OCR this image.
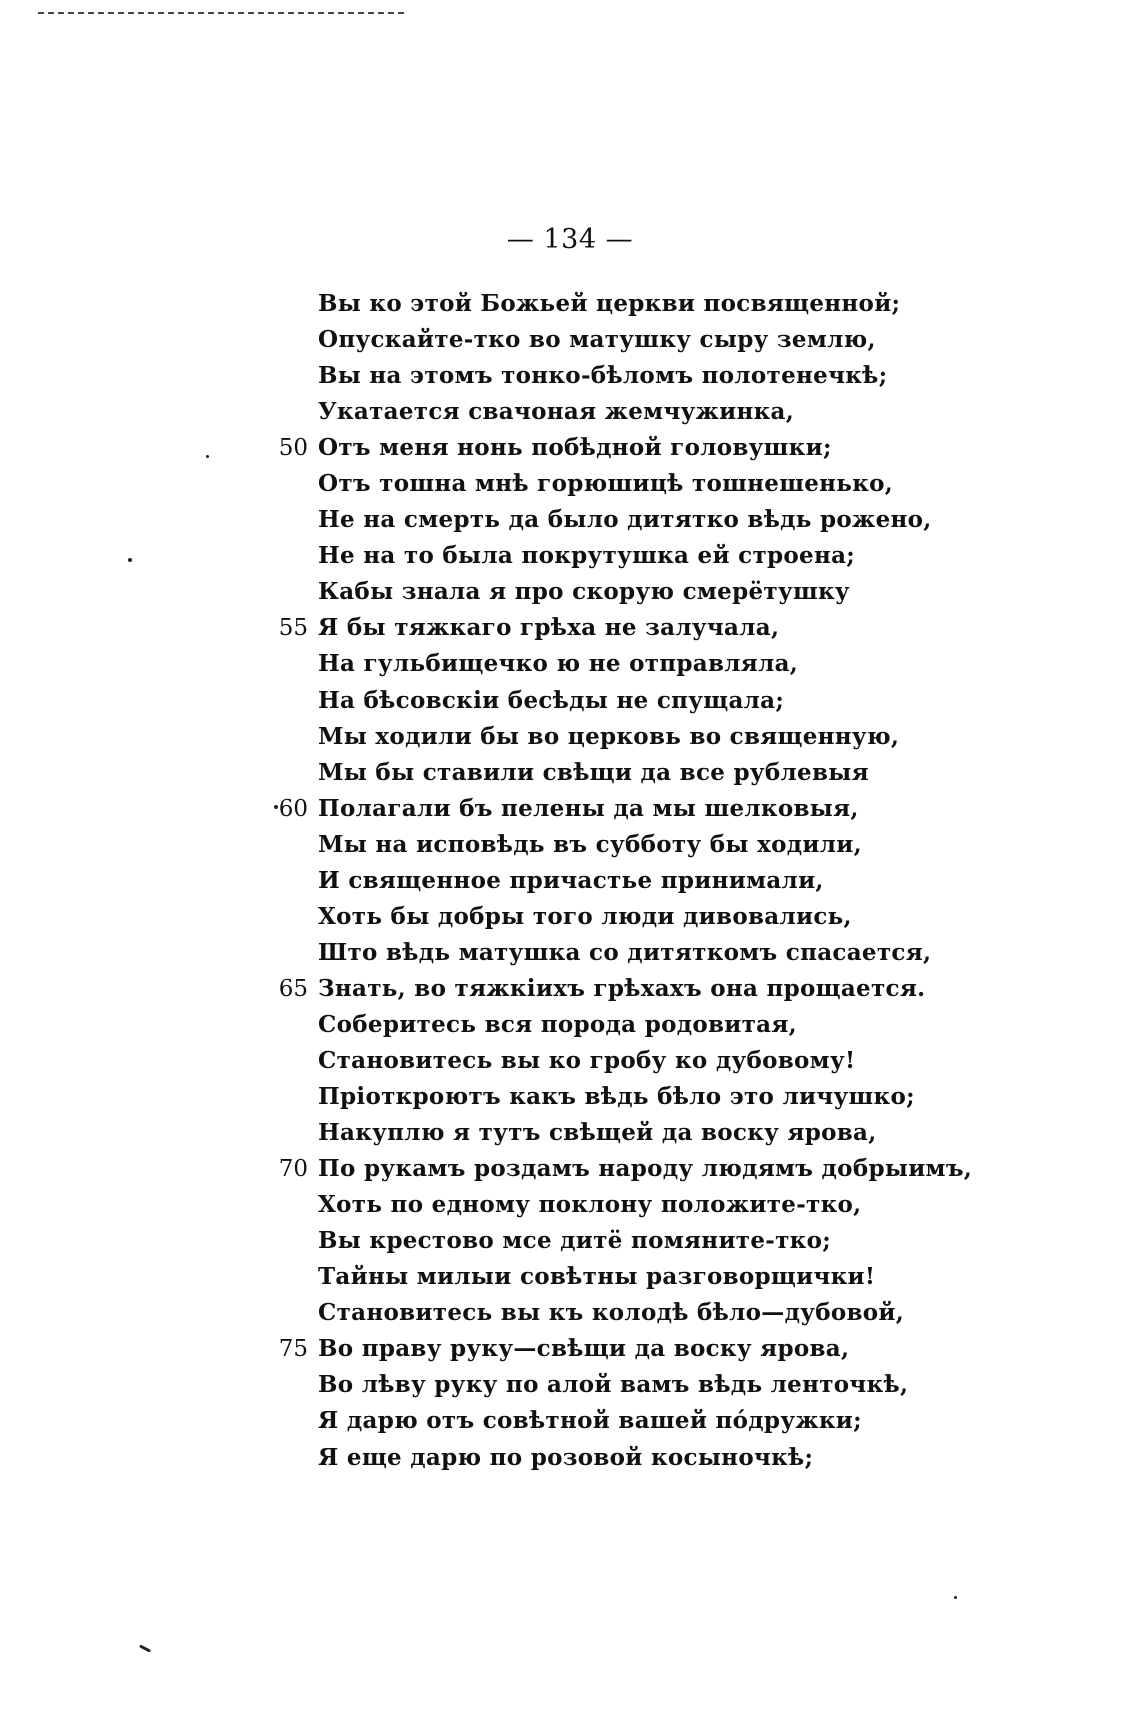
— 134 —
Вы ко этой Божьей церкви посвященной;
Опускайте-тко во матушку сыру землю,
Вы на этомъ тонко-бѣломъ полотенечкѣ;
Укатается свачоная жемчужинка,
50 Отъ меня нонь побѣдной головушки;
Отъ тошна мнѣ горюшицѣ тошнешенько,
Не на смерть да было дитятко вѣдь рожено,
Не на то была покрутушка ей строена;
Кабы знала я про скорую смерётушку
55 Я бы тяжкаго грѣха не залучала,
На гульбищечко ю не отправляла,
На бѣсовскiи бесѣды не спущала;
Мы ходили бы во церковь во священную,
Мы бы ставили свѣщи да все рублевыя
60 Полагали бъ пелены да мы шелковыя,
Мы на исповѣдь въ субботу бы ходили,
И священное причастье принимали,
Хоть бы добры того люди дивовались,
Што вѣдь матушка со дитяткомъ спасается,
65 Знать, во тяжкiихъ грѣхахъ она прощается.
Соберитесь вся порода родовитая,
Становитесь вы ко гробу ко дубовому!
Прiоткроютъ какъ вѣдь бѣло это личушко;
Накуплю я тутъ свѣщей да воску ярова,
70 По рукамъ роздамъ народу людямъ добрыимъ,
Хоть по едному поклону положите-тко,
Вы крестово мсе дитё помяните-тко;
Тайны милыи совѣтны разговорщички!
Становитесь вы къ колодѣ бѣло—дубовой,
75 Во праву руку—свѣщи да воску ярова,
Во лѣву руку по алой вамъ вѣдь ленточкѣ,
Я дарю отъ совѣтной вашей пóдружки;
Я еще дарю по розовой косыночкѣ;
